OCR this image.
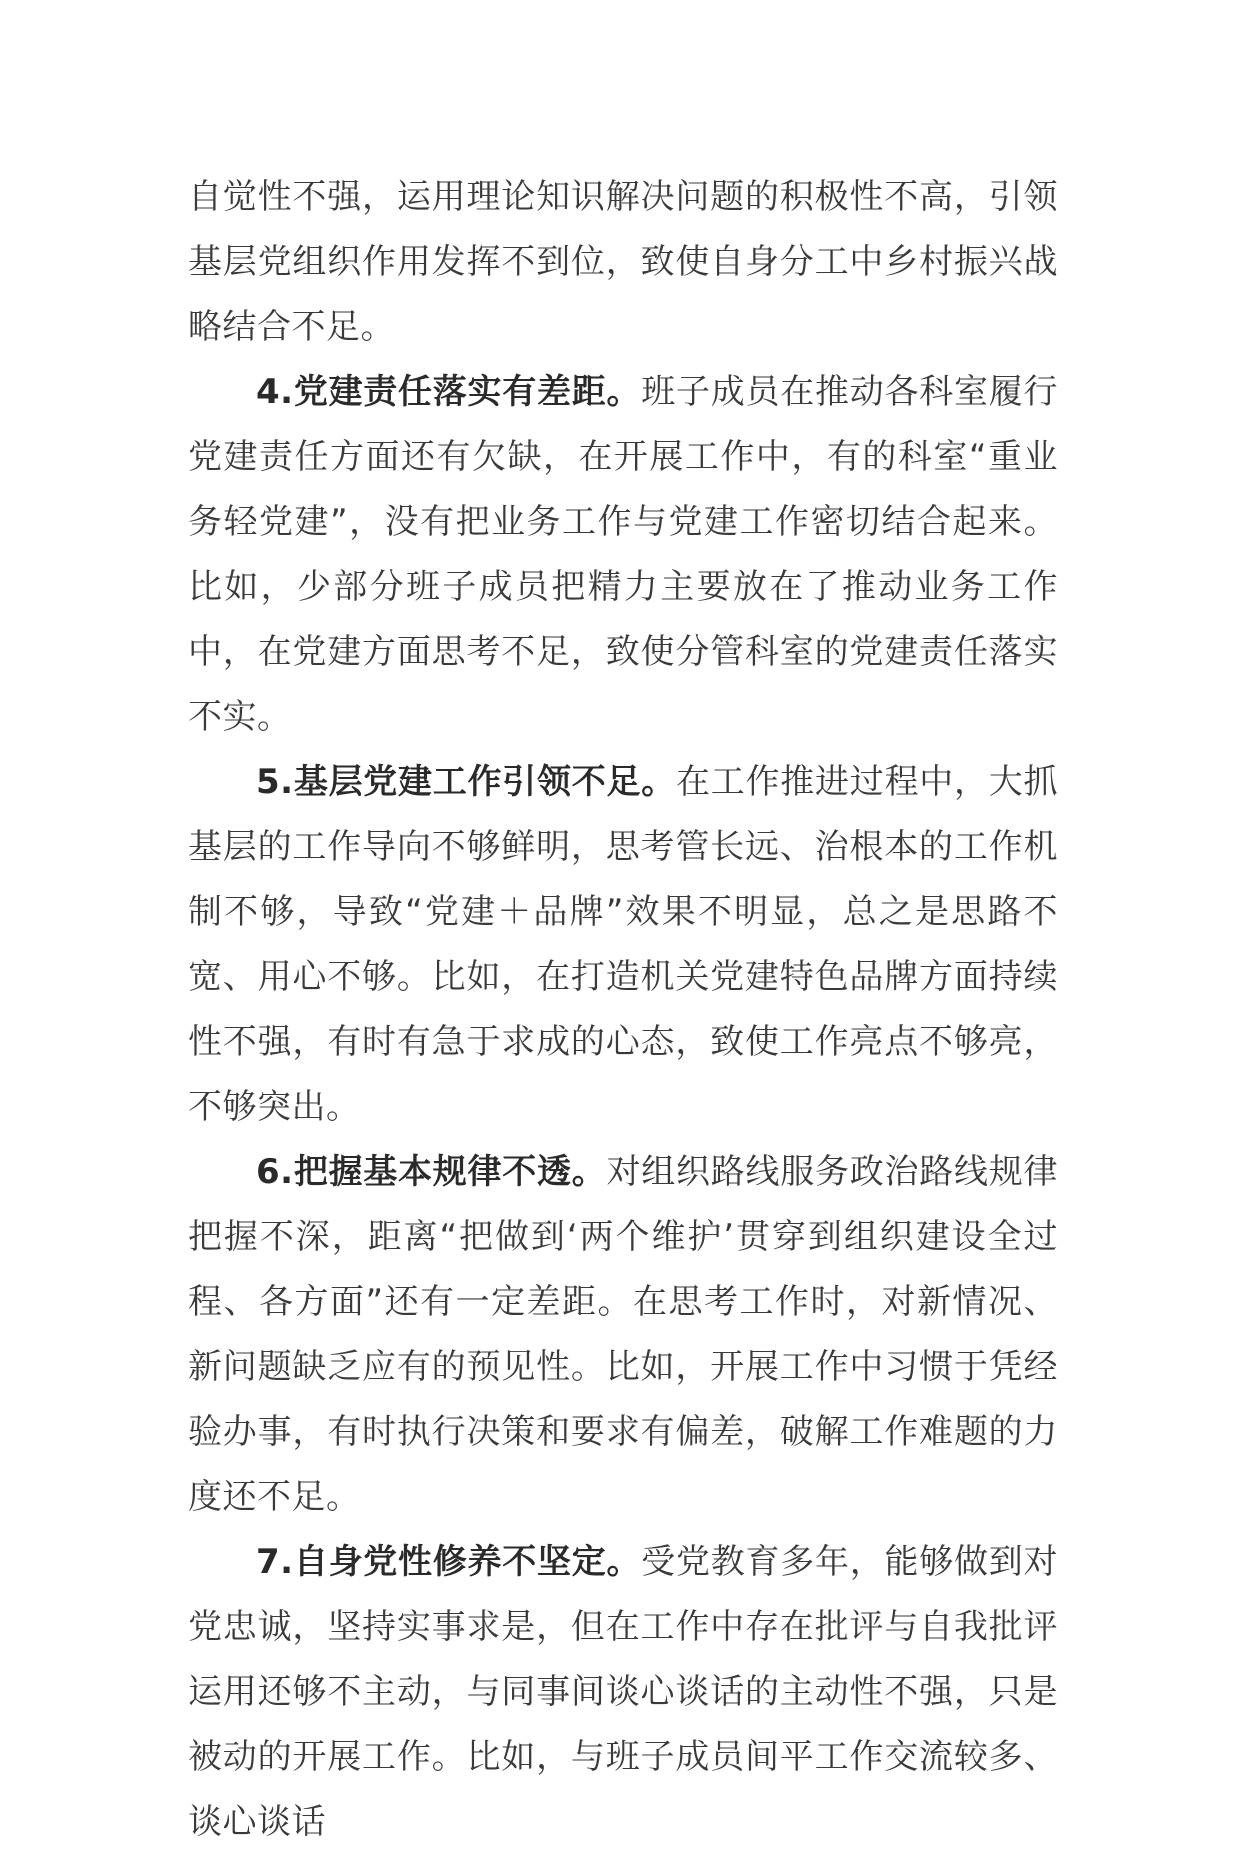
自觉性不强，运用理论知识解决问题的积极性不高，引领基层党组织作用发挥不到位，致使自身分工中乡村振兴战略结合不足。

4.党建责任落实有差距。班子成员在推动各科室履行党建责任方面还有欠缺，在开展工作中，有的科室“重业务轻党建”，没有把业务工作与党建工作密切结合起来。比如，少部分班子成员把精力主要放在了推动业务工作中，在党建方面思考不足，致使分管科室的党建责任落实不实。

5.基层党建工作引领不足。在工作推进过程中，大抓基层的工作导向不够鲜明，思考管长远、治根本的工作机制不够，导致“党建＋品牌”效果不明显，总之是思路不宽、用心不够。比如，在打造机关党建特色品牌方面持续性不强，有时有急于求成的心态，致使工作亮点不够亮，不够突出。

6.把握基本规律不透。对组织路线服务政治路线规律把握不深，距离“把做到‘两个维护’贯穿到组织建设全过程、各方面”还有一定差距。在思考工作时，对新情况、新问题缺乏应有的预见性。比如，开展工作中习惯于凭经验办事，有时执行决策和要求有偏差，破解工作难题的力度还不足。

7.自身党性修养不坚定。受党教育多年，能够做到对党忠诚，坚持实事求是，但在工作中存在批评与自我批评运用还够不主动，与同事间谈心谈话的主动性不强，只是被动的开展工作。比如，与班子成员间平工作交流较多、谈心谈话
